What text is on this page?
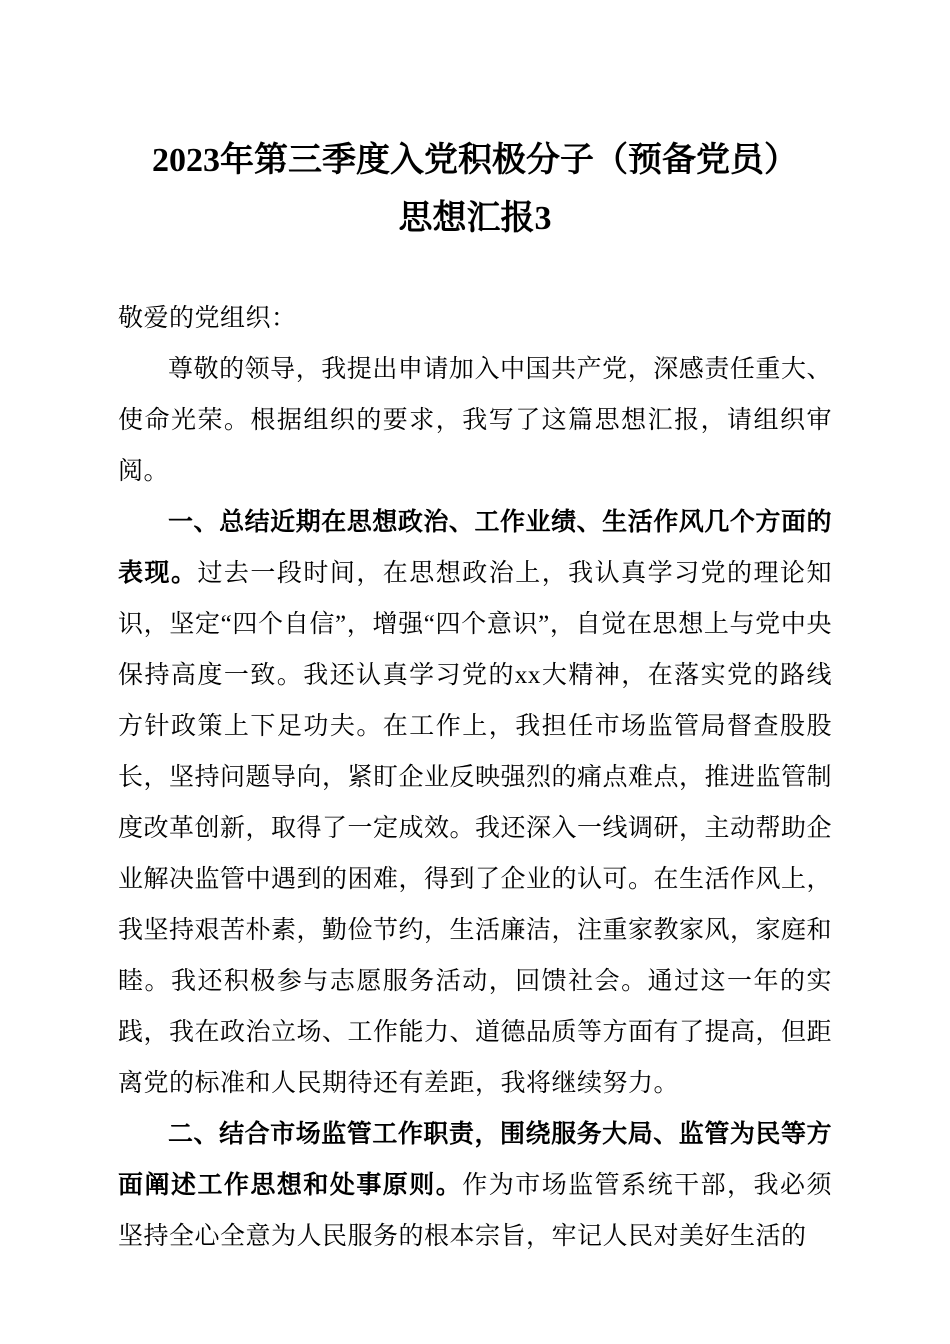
2023年第三季度入党积极分子（预备党员）
思想汇报3

敬爱的党组织：

尊敬的领导，我提出申请加入中国共产党，深感责任重大、使命光荣。根据组织的要求，我写了这篇思想汇报，请组织审阅。

一、总结近期在思想政治、工作业绩、生活作风几个方面的表现。过去一段时间，在思想政治上，我认真学习党的理论知识，坚定“四个自信”，增强“四个意识”，自觉在思想上与党中央保持高度一致。我还认真学习党的xx大精神，在落实党的路线方针政策上下足功夫。在工作上，我担任市场监管局督查股股长，坚持问题导向，紧盯企业反映强烈的痛点难点，推进监管制度改革创新，取得了一定成效。我还深入一线调研，主动帮助企业解决监管中遇到的困难，得到了企业的认可。在生活作风上，我坚持艰苦朴素，勤俭节约，生活廉洁，注重家教家风，家庭和睦。我还积极参与志愿服务活动，回馈社会。通过这一年的实践，我在政治立场、工作能力、道德品质等方面有了提高，但距离党的标准和人民期待还有差距，我将继续努力。

二、结合市场监管工作职责，围绕服务大局、监管为民等方面阐述工作思想和处事原则。作为市场监管系统干部，我必须坚持全心全意为人民服务的根本宗旨，牢记人民对美好生活的
